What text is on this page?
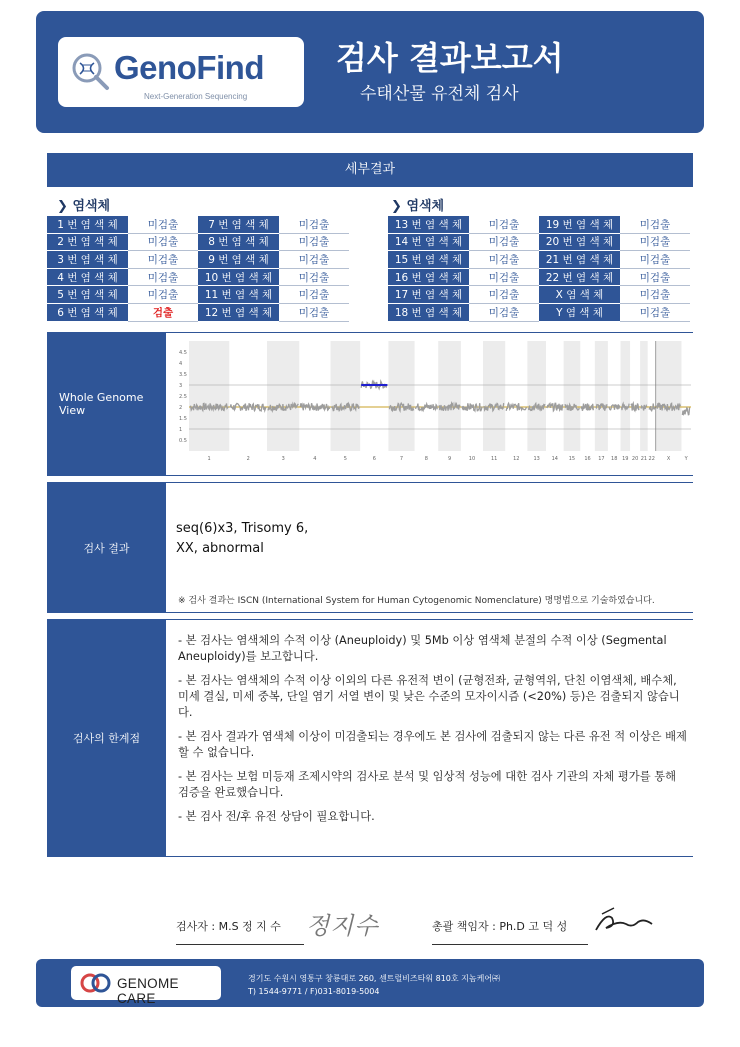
GenoFind
Next-Generation Sequencing
검사 결과보고서
수태산물 유전체 검사
세부결과
❯ 염색체	❯ 염색체
1 번 염 색 체	미검출	7 번 염 색 체	미검출
2 번 염 색 체	미검출	8 번 염 색 체	미검출
3 번 염 색 체	미검출	9 번 염 색 체	미검출
4 번 염 색 체	미검출	10 번 염 색 체	미검출
5 번 염 색 체	미검출	11 번 염 색 체	미검출
6 번 염 색 체	검출	12 번 염 색 체	미검출
13 번 염 색 체	미검출	19 번 염 색 체	미검출
14 번 염 색 체	미검출	20 번 염 색 체	미검출
15 번 염 색 체	미검출	21 번 염 색 체	미검출
16 번 염 색 체	미검출	22 번 염 색 체	미검출
17 번 염 색 체	미검출	X 염 색 체	미검출
18 번 염 색 체	미검출	Y 염 색 체	미검출
Whole Genome View
4.5
4
3.5
3
2.5
2
1.5
1
0.5
1	2	3	4	5	6	7	8	9	10	11	12	13 14 15 16 17 18 19 20 21 22 X	Y
검사 결과
seq(6)x3, Trisomy 6,
XX, abnormal
※ 검사 결과는 ISCN (International System for Human Cytogenomic Nomenclature) 명명법으로 기술하였습니다.
검사의 한계점

- 본 검사는 염색체의 수적 이상 (Aneuploidy) 및 5Mb 이상 염색체 분절의 수적 이상 (Segmental Aneuploidy)를 보고합니다.

- 본 검사는 염색체의 수적 이상 이외의 다른 유전적 변이 (균형전좌, 균형역위, 단친 이염색체, 배수체, 미세 결실, 미세 중복, 단일 염기 서열 변이 및 낮은 수준의 모자이시즘 (<20%) 등)은 검출되지 않습니다.

- 본 검사 결과가 염색체 이상이 미검출되는 경우에도 본 검사에 검출되지 않는 다른 유전 적 이상은 배제할 수 없습니다.

- 본 검사는 보험 미등재 조제시약의 검사로 분석 및 임상적 성능에 대한 검사 기관의 자체 평가를 통해 검증을 완료했습니다.

- 본 검사 전/후 유전 상담이 필요합니다.

검사자 : M.S 정 지 수 정지수	총괄 책임자 : Ph.D 고 덕 성
GENOME CARE
경기도 수원시 영통구 창룡대로 260, 센트럴비즈타워 810호 지놈케어㈜
T) 1544-9771 / F)031-8019-5004
